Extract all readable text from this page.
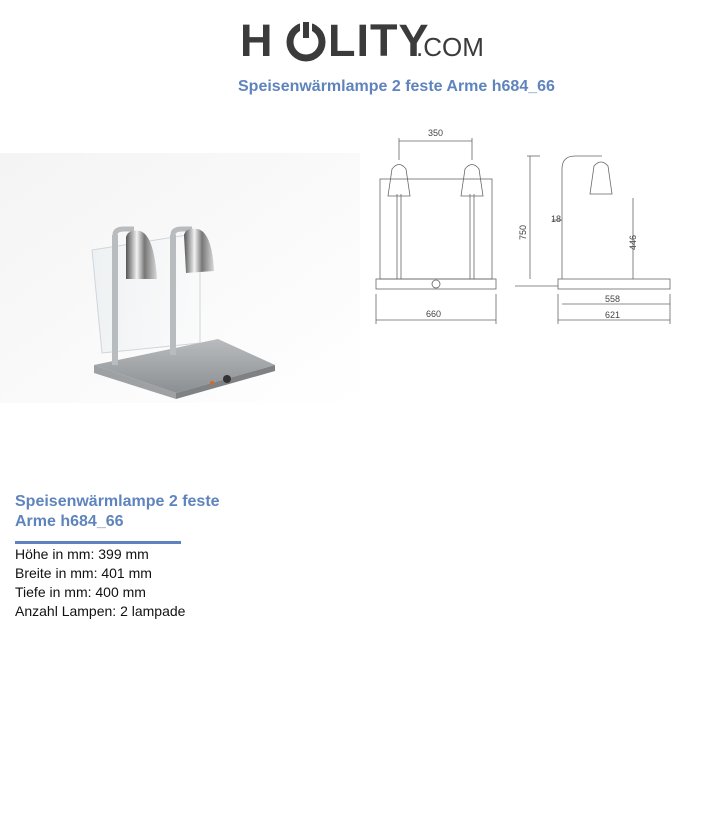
H LITY
.COM
Speisenwärmlampe 2 feste Arme h684_66
350
660
750
18
446
558
621
Speisenwärmlampe 2 feste Arme h684_66
Höhe in mm: 399 mm
Breite in mm: 401 mm
Tiefe in mm: 400 mm
Anzahl Lampen: 2 lampade
